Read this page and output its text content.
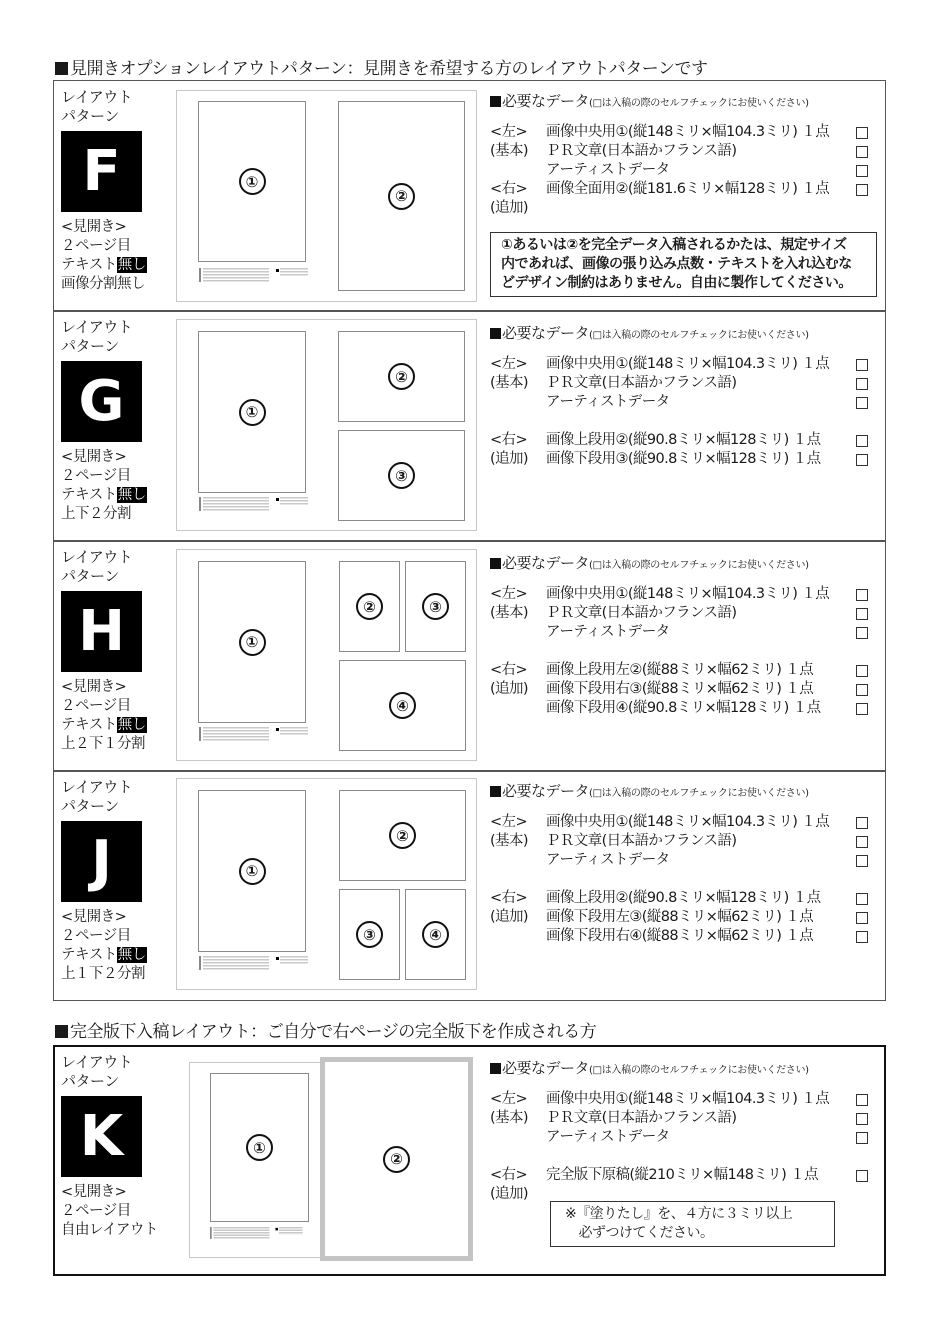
見開きオプションレイアウトパターン：見開きを希望する方のレイアウトパターンです
レイアウト
パターン
F
<見開き>
２ページ目
テキスト無し
画像分割無し
①
②
必要なデータ(□は入稿の際のセルフチェックにお使いください)
<左>	画像中央用①(縦148ミリ×幅104.3ミリ) １点
(基本)	ＰＲ文章(日本語かフランス語)
アーティストデータ
<右>	画像全面用②(縦181.6ミリ×幅128ミリ) １点
(追加)
①あるいは②を完全データ入稿されるかたは、規定サイズ
内であれば、画像の張り込み点数・テキストを入れ込むな
どデザイン制約はありません。自由に製作してください。
レイアウト
パターン
G
<見開き>
２ページ目
テキスト無し
上下２分割
①
②
③
必要なデータ(□は入稿の際のセルフチェックにお使いください)
<左>	画像中央用①(縦148ミリ×幅104.3ミリ) １点
(基本)	ＰＲ文章(日本語かフランス語)
アーティストデータ
<右>	画像上段用②(縦90.8ミリ×幅128ミリ) １点
(追加)	画像下段用③(縦90.8ミリ×幅128ミリ) １点
レイアウト
パターン
H
<見開き>
２ページ目
テキスト無し
上２下１分割
①
②	③
④
必要なデータ(□は入稿の際のセルフチェックにお使いください)
<左>	画像中央用①(縦148ミリ×幅104.3ミリ) １点
(基本)	ＰＲ文章(日本語かフランス語)
アーティストデータ
<右>	画像上段用左②(縦88ミリ×幅62ミリ) １点
(追加)	画像下段用右③(縦88ミリ×幅62ミリ) １点
画像下段用④(縦90.8ミリ×幅128ミリ) １点
レイアウト
パターン
J
<見開き>
２ページ目
テキスト無し
上１下２分割
①
②
③	④
必要なデータ(□は入稿の際のセルフチェックにお使いください)
<左>	画像中央用①(縦148ミリ×幅104.3ミリ) １点
(基本)	ＰＲ文章(日本語かフランス語)
アーティストデータ
<右>	画像上段用②(縦90.8ミリ×幅128ミリ) １点
(追加)	画像下段用左③(縦88ミリ×幅62ミリ) １点
画像下段用右④(縦88ミリ×幅62ミリ) １点
完全版下入稿レイアウト：ご自分で右ページの完全版下を作成される方
レイアウト
パターン
K
<見開き>
２ページ目
自由レイアウト
①
②
必要なデータ(□は入稿の際のセルフチェックにお使いください)
<左>	画像中央用①(縦148ミリ×幅104.3ミリ) １点
(基本)	ＰＲ文章(日本語かフランス語)
アーティストデータ
<右>	完全版下原稿(縦210ミリ×幅148ミリ) １点
(追加)
※『塗りたし』を、４方に３ミリ以上
　必ずつけてください。
